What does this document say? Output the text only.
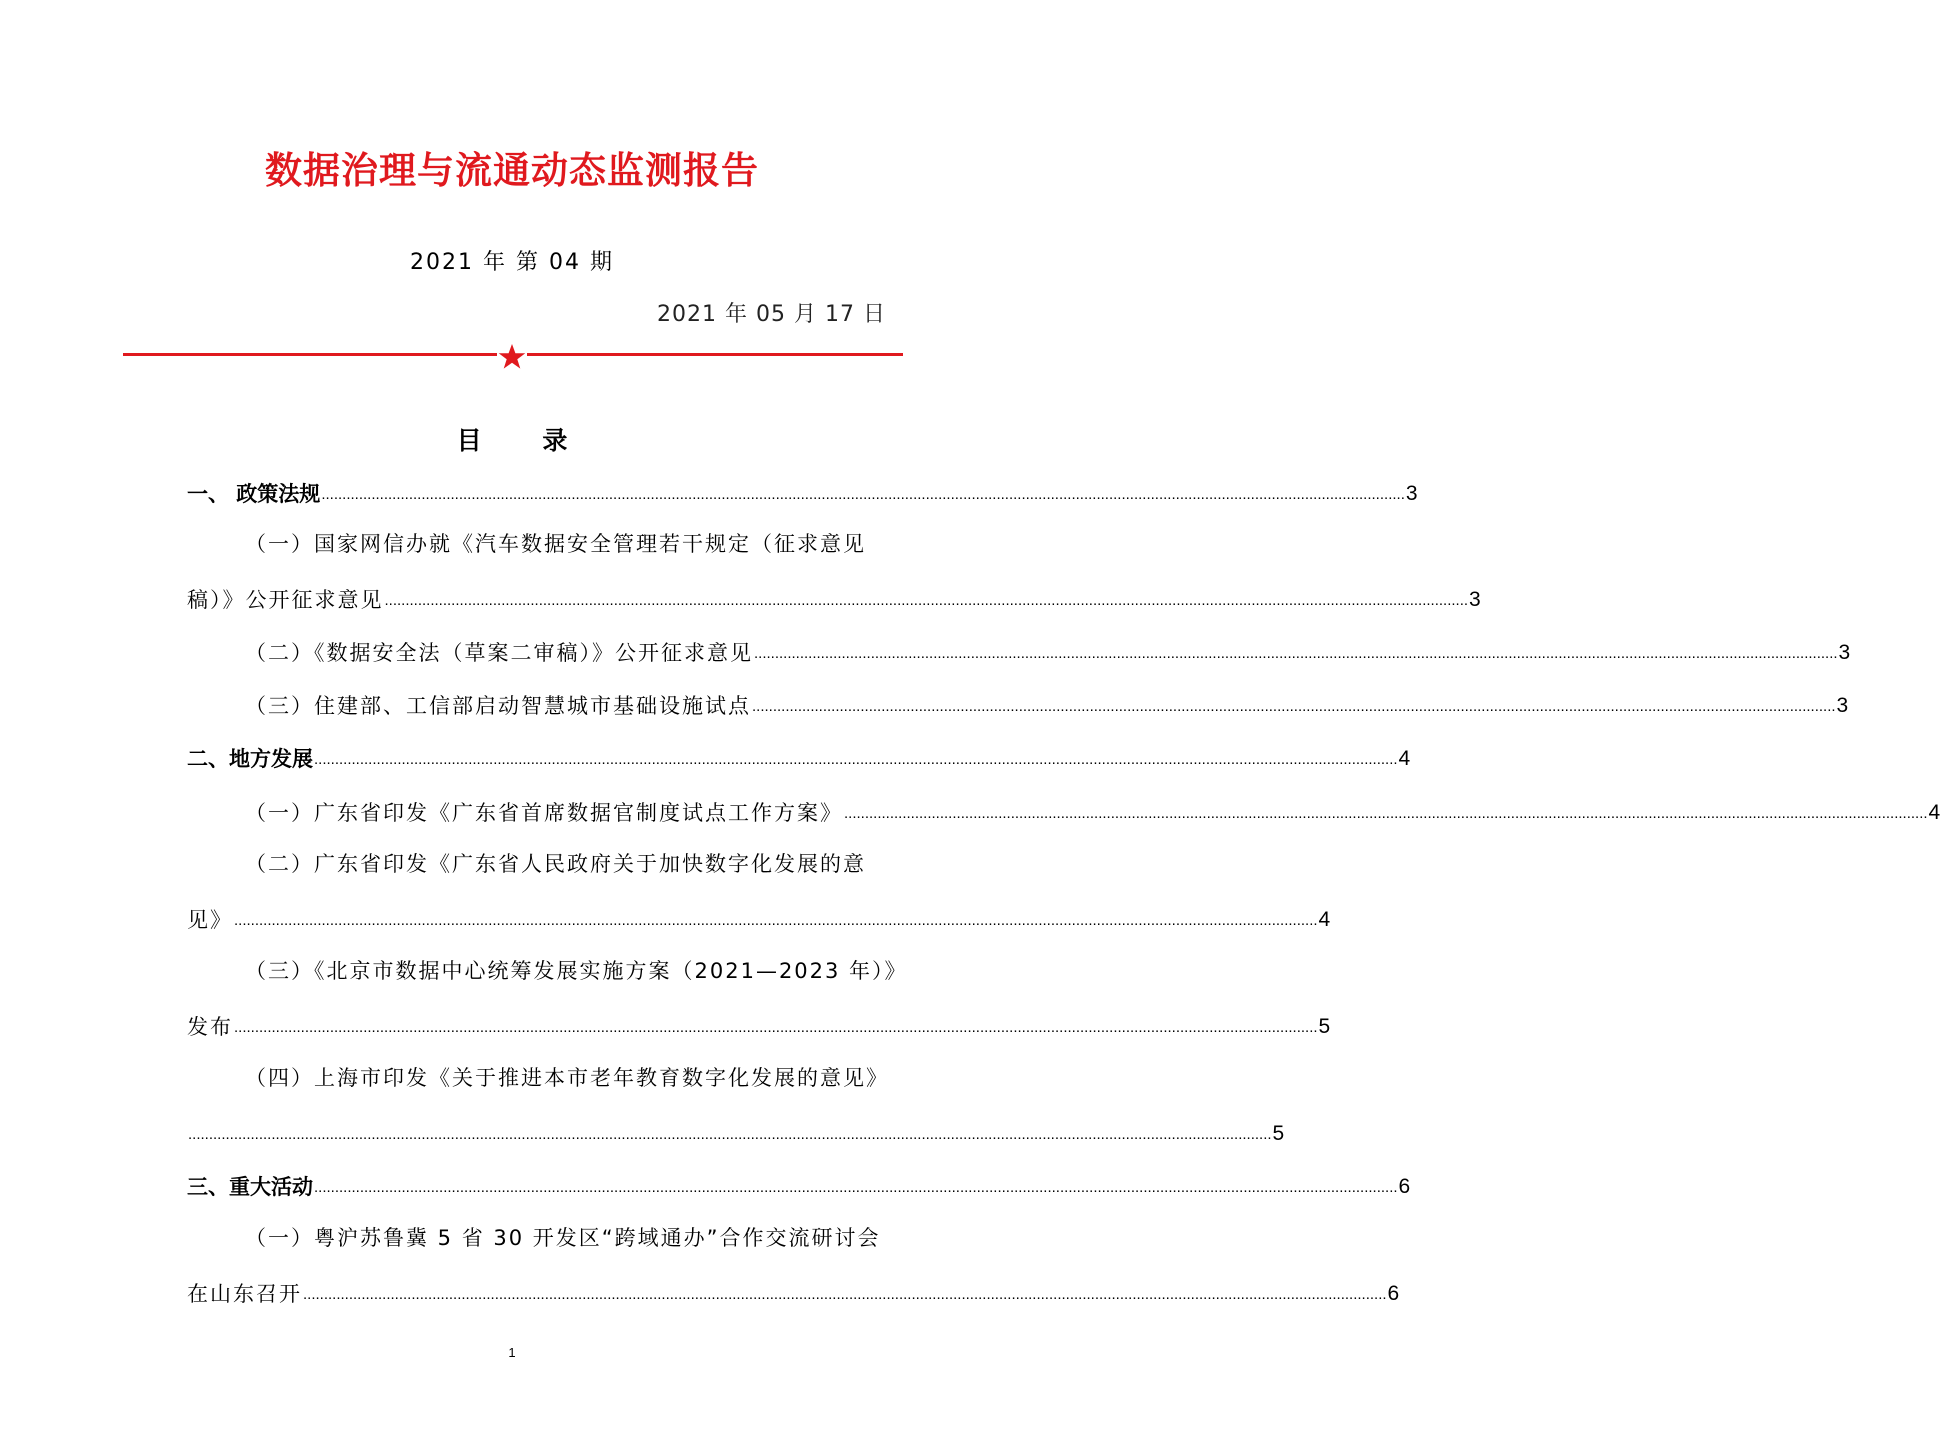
数据治理与流通动态监测报告
2021 年 第 04 期
2021 年 05 月 17 日
目 录
一、 政策法规 .................................................................................................................................................................................................................................................................... 3
（一）国家网信办就《汽车数据安全管理若干规定（征求意见
稿）》公开征求意见 .................................................................................................................................................................................................................................................................... 3
（二）《数据安全法（草案二审稿）》公开征求意见 .................................................................................................................................................................................................................................................................... 3
（三）住建部、工信部启动智慧城市基础设施试点 .................................................................................................................................................................................................................................................................... 3
二、地方发展 .................................................................................................................................................................................................................................................................... 4
（一）广东省印发《广东省首席数据官制度试点工作方案》 .................................................................................................................................................................................................................................................................... 4
（二）广东省印发《广东省人民政府关于加快数字化发展的意
见》 .................................................................................................................................................................................................................................................................... 4
（三）《北京市数据中心统筹发展实施方案（2021—2023 年）》
发布 .................................................................................................................................................................................................................................................................... 5
（四）上海市印发《关于推进本市老年教育数字化发展的意见》
.................................................................................................................................................................................................................................................................... 5
三、重大活动 .................................................................................................................................................................................................................................................................... 6
（一）粤沪苏鲁冀 5 省 30 开发区“跨域通办”合作交流研讨会
在山东召开 .................................................................................................................................................................................................................................................................... 6
1
